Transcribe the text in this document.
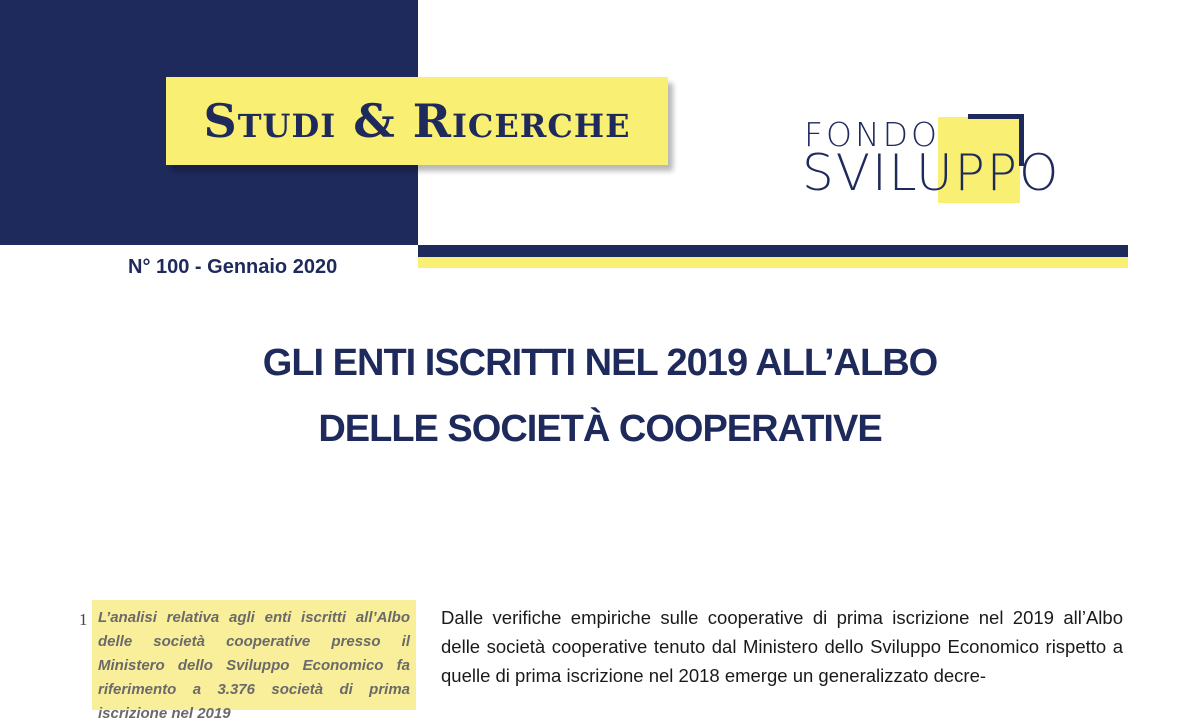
Studi & Ricerche	FONDO
SVILUPPO
N° 100 - Gennaio 2020
GLI ENTI ISCRITTI NEL 2019 ALL’ALBO
DELLE SOCIETÀ COOPERATIVE
1 L’analisi relativa agli enti iscritti all’Albo delle società cooperative presso il Ministero dello Sviluppo Economico fa riferimento a 3.376 società di prima iscrizione nel 2019
Dalle verifiche empiriche sulle cooperative di prima iscrizione nel 2019 all’Albo delle società cooperative tenuto dal Ministero dello Sviluppo Economico rispetto a quelle di prima iscrizione nel 2018 emerge un generalizzato decre-
